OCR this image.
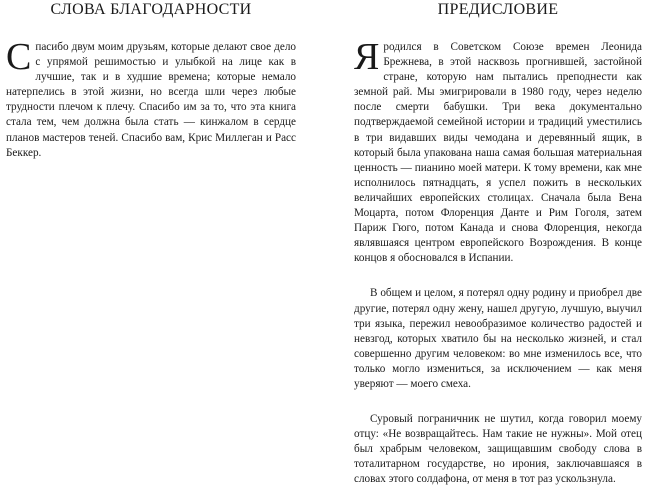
СЛОВА БЛАГОДАРНОСТИ

Спасибо двум моим друзьям, которые делают свое дело с упрямой решимостью и улыбкой на лице как в лучшие, так и в худшие времена; которые немало натерпелись в этой жизни, но всегда шли через любые трудности плечом к плечу. Спасибо им за то, что эта книга стала тем, чем должна была стать — кинжалом в сердце планов мастеров теней. Спасибо вам, Крис Миллеган и Расс Беккер.

ПРЕДИСЛОВИЕ

Яродился в Советском Союзе времен Леонида Брежнева, в этой насквозь прогнившей, застойной стране, которую нам пытались преподнести как земной рай. Мы эмигрировали в 1980 году, через неделю после смерти бабушки. Три века документально подтверждаемой семейной истории и традиций уместились в три видавших виды чемодана и деревянный ящик, в который была упакована наша самая большая материальная ценность — пианино моей матери. К тому времени, как мне исполнилось пятнадцать, я успел пожить в нескольких величайших европейских столицах. Сначала была Вена Моцарта, потом Флоренция Данте и Рим Гоголя, затем Париж Гюго, потом Канада и снова Флоренция, некогда являвшаяся центром европейского Возрождения. В конце концов я обосновался в Испании.

В общем и целом, я потерял одну родину и приобрел две другие, потерял одну жену, нашел другую, лучшую, выучил три языка, пережил невообразимое количество радостей и невзгод, которых хватило бы на несколько жизней, и стал совершенно другим человеком: во мне изменилось все, что только могло измениться, за исключением — как меня уверяют — моего смеха.

Суровый пограничник не шутил, когда говорил моему отцу: «Не возвращайтесь. Нам такие не нужны». Мой отец был храбрым человеком, защищавшим свободу слова в тоталитарном государстве, но ирония, заключавшаяся в словах этого солдафона, от меня в тот раз ускользнула.
